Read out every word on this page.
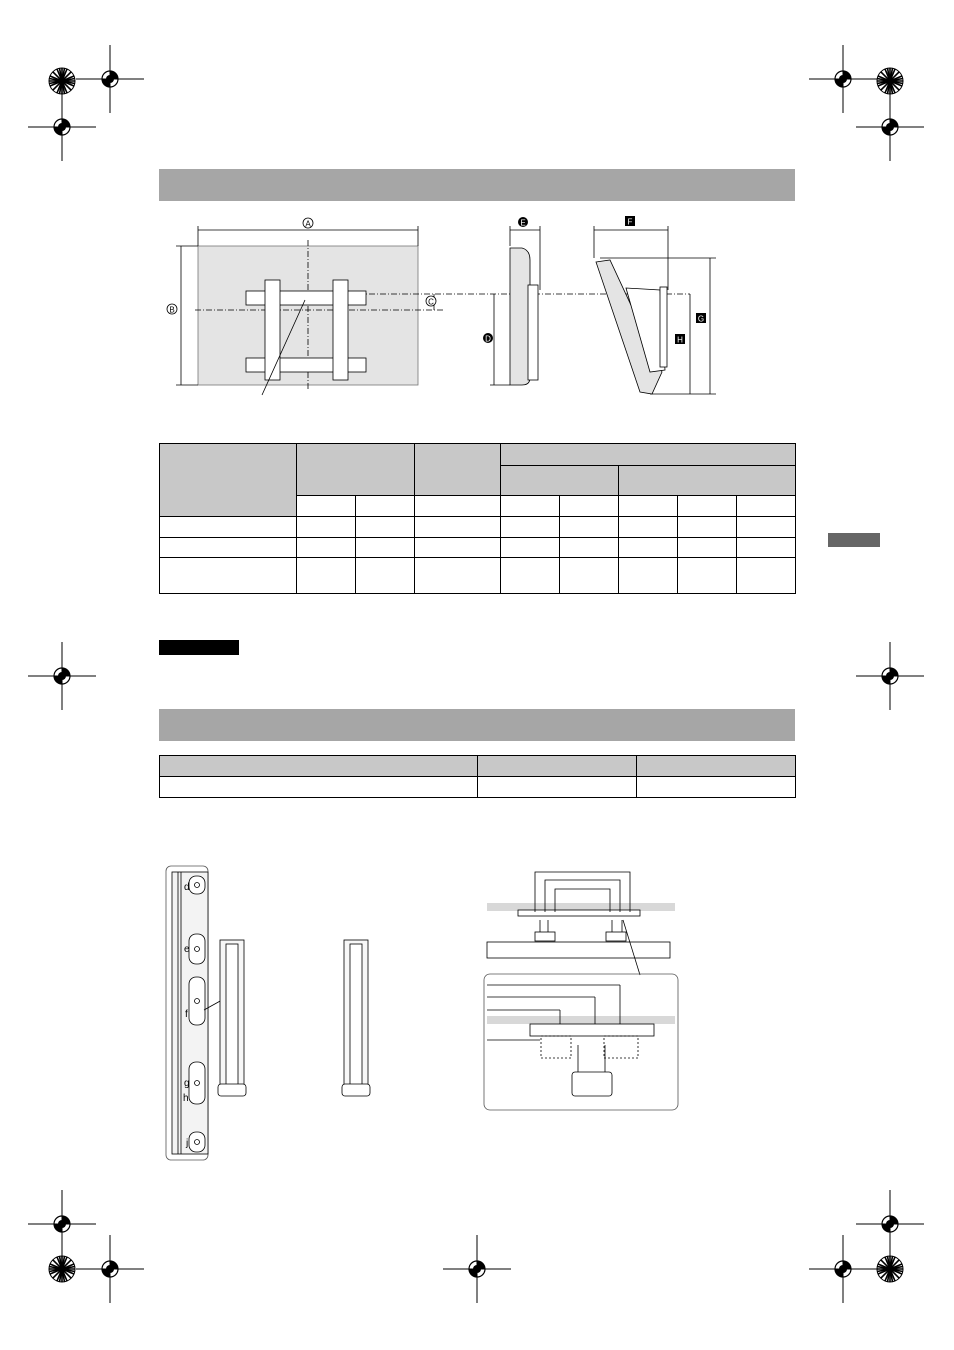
A
B
C
D
E	F
G
H

d
e
f
g
h
j
